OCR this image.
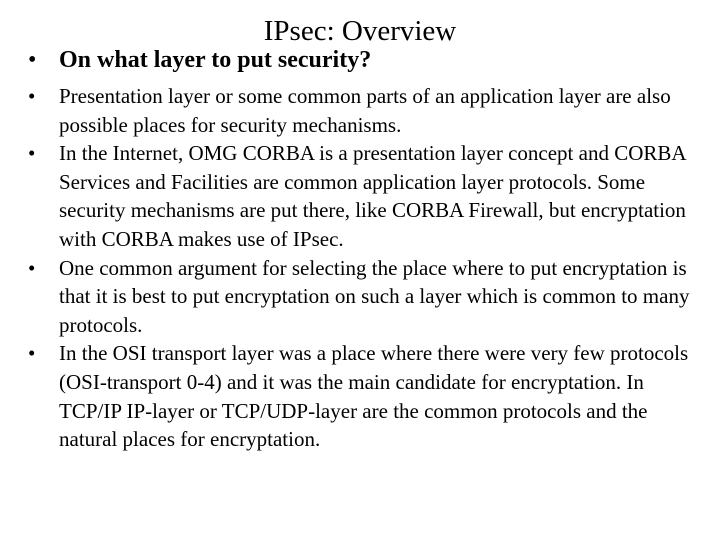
IPsec: Overview
• On what layer to put security?
• Presentation layer or some common parts of an application layer are also possible places for security mechanisms.
• In the Internet, OMG CORBA is a presentation layer concept and CORBA Services and Facilities are common application layer protocols. Some security mechanisms are put there, like CORBA Firewall, but encryptation with CORBA makes use of IPsec.
• One common argument for selecting the place where to put encryptation is that it is best to put encryptation on such a layer which is common to many protocols.
• In the OSI transport layer was a place where there were very few protocols (OSI-transport 0-4) and it was the main candidate for encryptation. In TCP/IP IP-layer or TCP/UDP-layer are the common protocols and the natural places for encryptation.
